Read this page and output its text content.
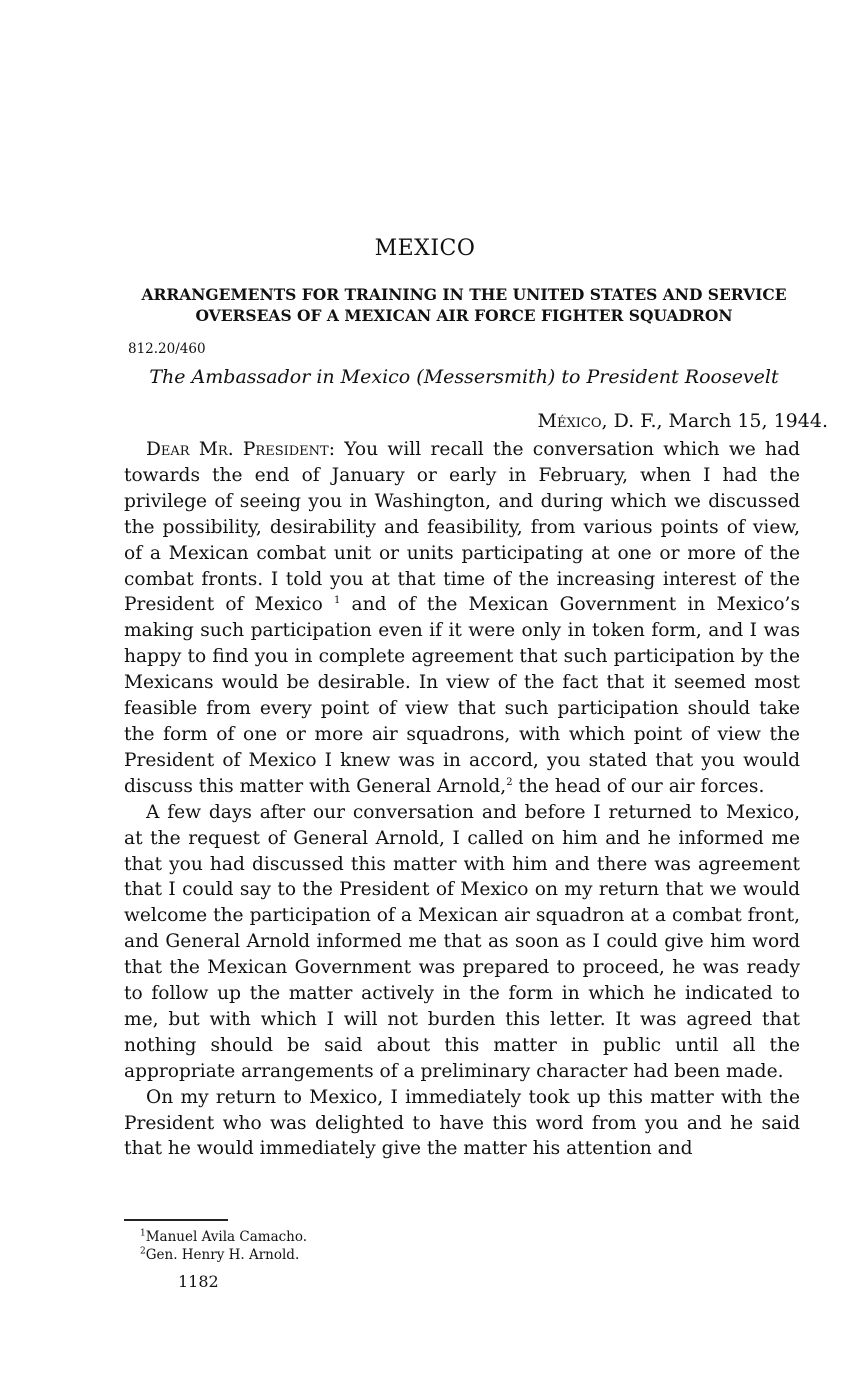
MEXICO
ARRANGEMENTS FOR TRAINING IN THE UNITED STATES AND SERVICE OVERSEAS OF A MEXICAN AIR FORCE FIGHTER SQUADRON
812.20/460
The Ambassador in Mexico (Messersmith) to President Roosevelt
México, D. F., March 15, 1944.

Dear Mr. President: You will recall the conversation which we had towards the end of January or early in February, when I had the privilege of seeing you in Washington, and during which we discussed the possibility, desirability and feasibility, from various points of view, of a Mexican combat unit or units participating at one or more of the combat fronts. I told you at that time of the increasing interest of the President of Mexico $^1$ and of the Mexican Government in Mexico’s making such participation even if it were only in token form, and I was happy to find you in complete agreement that such participation by the Mexicans would be desirable. In view of the fact that it seemed most feasible from every point of view that such participation should take the form of one or more air squadrons, with which point of view the President of Mexico I knew was in accord, you stated that you would discuss this matter with General Arnold,$^2$ the head of our air forces.

A few days after our conversation and before I returned to Mexico, at the request of General Arnold, I called on him and he informed me that you had discussed this matter with him and there was agreement that I could say to the President of Mexico on my return that we would welcome the participation of a Mexican air squadron at a combat front, and General Arnold informed me that as soon as I could give him word that the Mexican Government was prepared to proceed, he was ready to follow up the matter actively in the form in which he indicated to me, but with which I will not burden this letter. It was agreed that nothing should be said about this matter in public until all the appropriate arrangements of a preliminary character had been made.

On my return to Mexico, I immediately took up this matter with the President who was delighted to have this word from you and he said that he would immediately give the matter his attention and

$^1$Manuel Avila Camacho.
$^2$Gen. Henry H. Arnold.
1182
